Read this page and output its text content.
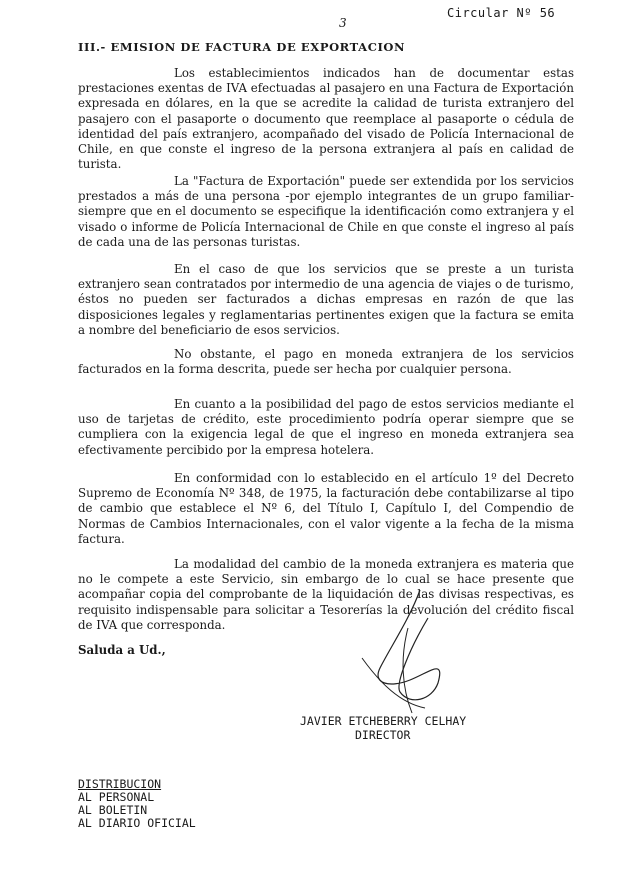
Circular Nº 56
3
III.- EMISION DE FACTURA DE EXPORTACION

Los establecimientos indicados han de documentar estas prestaciones exentas de IVA efectuadas al pasajero en una Factura de Exportación expresada en dólares, en la que se acredite la calidad de turista extranjero del pasajero con el pasaporte o documento que reemplace al pasaporte o cédula de identidad del país extranjero, acompañado del visado de Policía Internacional de Chile, en que conste el ingreso de la persona extranjera al país en calidad de turista.

La "Factura de Exportación" puede ser extendida por los servicios prestados a más de una persona -por ejemplo integrantes de un grupo familiar- siempre que en el documento se especifique la identificación como extranjera y el visado o informe de Policía Internacional de Chile en que conste el ingreso al país de cada una de las personas turistas.

En el caso de que los servicios que se preste a un turista extranjero sean contratados por intermedio de una agencia de viajes o de turismo, éstos no pueden ser facturados a dichas empresas en razón de que las disposiciones legales y reglamentarias pertinentes exigen que la factura se emita a nombre del beneficiario de esos servicios.

No obstante, el pago en moneda extranjera de los servicios facturados en la forma descrita, puede ser hecha por cualquier persona.

En cuanto a la posibilidad del pago de estos servicios mediante el uso de tarjetas de crédito, este procedimiento podría operar siempre que se cumpliera con la exigencia legal de que el ingreso en moneda extranjera sea efectivamente percibido por la empresa hotelera.

En conformidad con lo establecido en el artículo 1º del Decreto Supremo de Economía Nº 348, de 1975, la facturación debe contabilizarse al tipo de cambio que establece el Nº 6, del Título I, Capítulo I, del Compendio de Normas de Cambios Internacionales, con el valor vigente a la fecha de la misma factura.

La modalidad del cambio de la moneda extranjera es materia que no le compete a este Servicio, sin embargo de lo cual se hace presente que acompañar copia del comprobante de la liquidación de las divisas respectivas, es requisito indispensable para solicitar a Tesorerías la devolución del crédito fiscal de IVA que corresponda.

Saluda a Ud.,
JAVIER ETCHEBERRY CELHAY
DIRECTOR
DISTRIBUCION
AL PERSONAL
AL BOLETIN
AL DIARIO OFICIAL
